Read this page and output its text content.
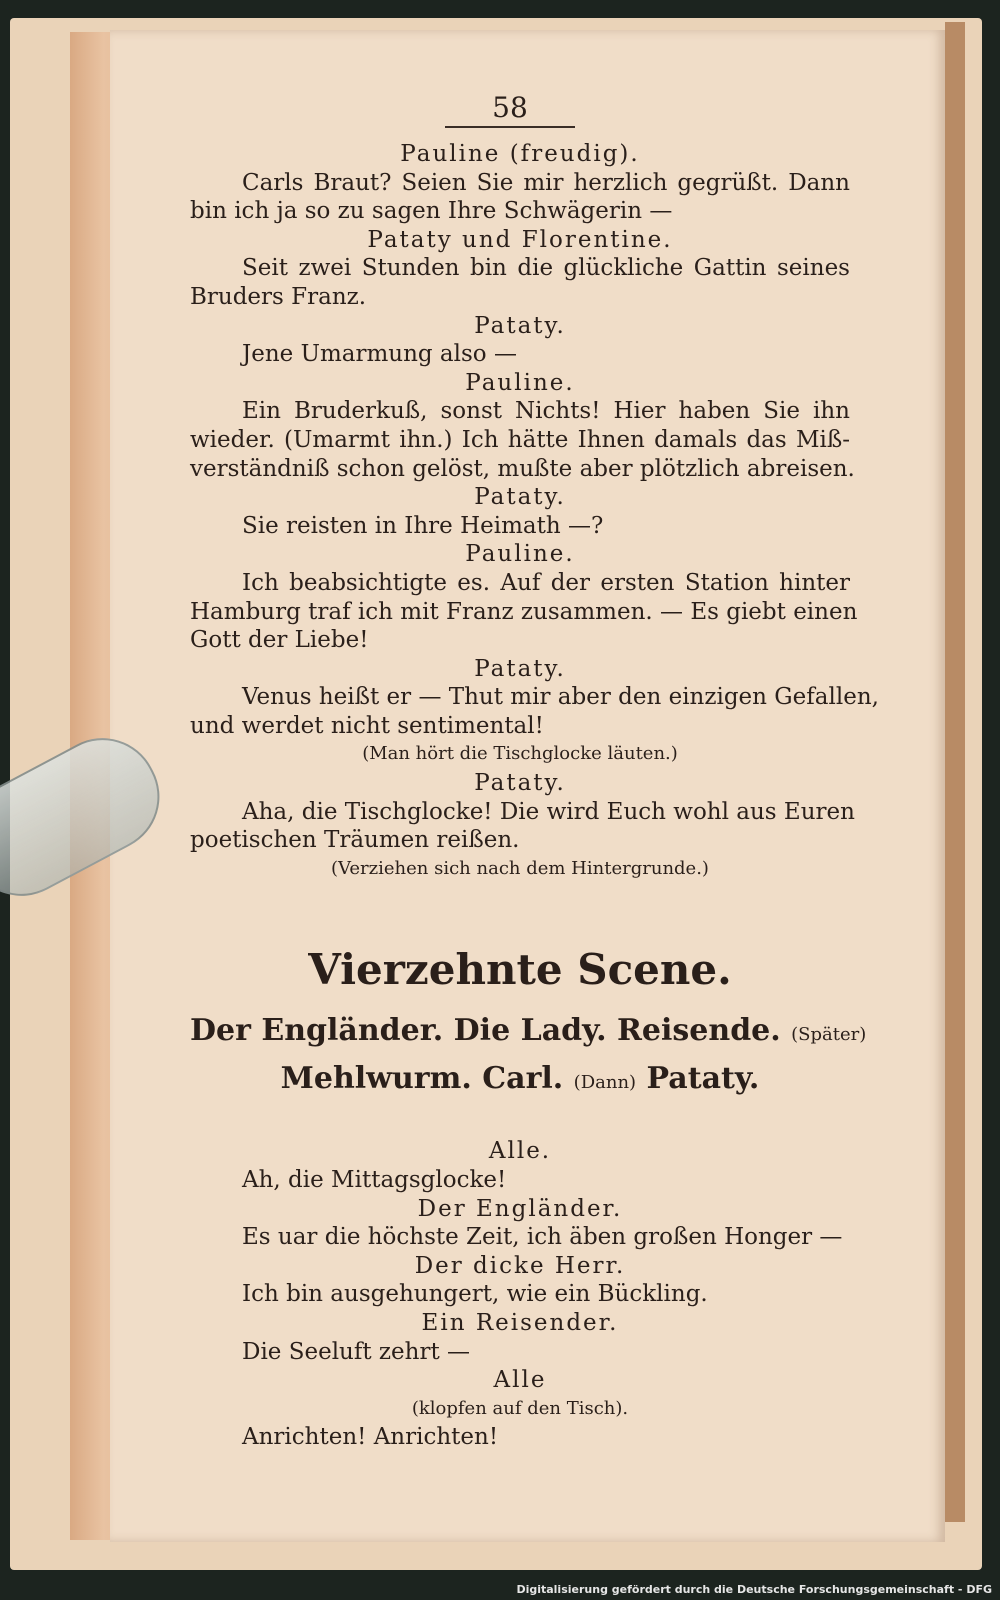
58
Pauline (freudig).
Carls Braut? Seien Sie mir herzlich gegrüßt. Dann
bin ich ja so zu sagen Ihre Schwägerin —
Pataty und Florentine.
Seit zwei Stunden bin die glückliche Gattin seines
Bruders Franz.
Pataty.
Jene Umarmung also —
Pauline.
Ein Bruderkuß, sonst Nichts! Hier haben Sie ihn
wieder. (Umarmt ihn.) Ich hätte Ihnen damals das Miß-
verständniß schon gelöst, mußte aber plötzlich abreisen.
Pataty.
Sie reisten in Ihre Heimath —?
Pauline.
Ich beabsichtigte es. Auf der ersten Station hinter
Hamburg traf ich mit Franz zusammen. — Es giebt einen
Gott der Liebe!
Pataty.
Venus heißt er — Thut mir aber den einzigen Gefallen,
und werdet nicht sentimental!
(Man hört die Tischglocke läuten.)
Pataty.
Aha, die Tischglocke! Die wird Euch wohl aus Euren
poetischen Träumen reißen.
(Verziehen sich nach dem Hintergrunde.)
Vierzehnte Scene.
Der Engländer. Die Lady. Reisende. (Später)
Mehlwurm. Carl. (Dann) Pataty.
Alle.
Ah, die Mittagsglocke!
Der Engländer.
Es uar die höchste Zeit, ich äben großen Honger —
Der dicke Herr.
Ich bin ausgehungert, wie ein Bückling.
Ein Reisender.
Die Seeluft zehrt —
Alle
(klopfen auf den Tisch).
Anrichten! Anrichten!
Digitalisierung gefördert durch die Deutsche Forschungsgemeinschaft - DFG
